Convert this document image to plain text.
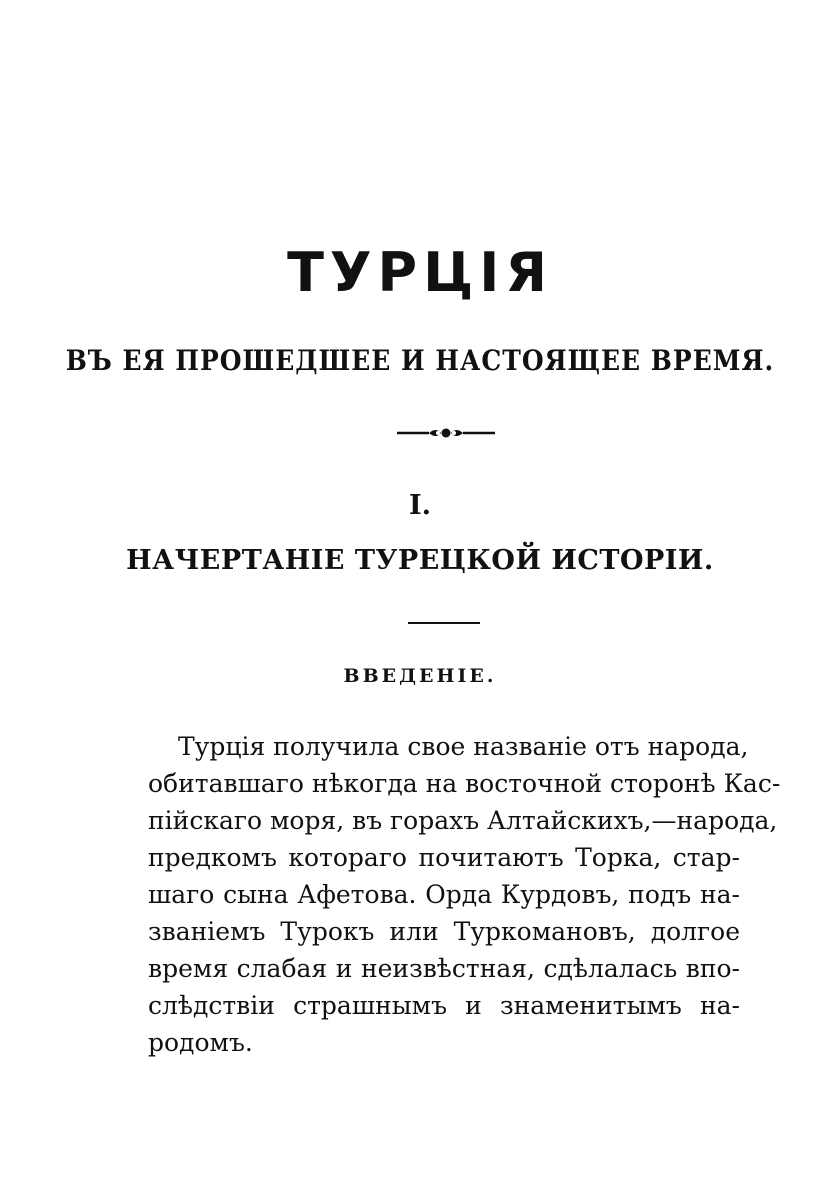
ТУРЦІЯ
ВЪ ЕЯ ПРОШЕДШЕЕ И НАСТОЯЩЕЕ ВРЕМЯ.
I.
НАЧЕРТАНІЕ ТУРЕЦКОЙ ИСТОРІИ.
ВВЕДЕНІЕ.
Турція получила свое названіе отъ народа,
обитавшаго нѣкогда на восточной сторонѣ Кас-
пійскаго моря, въ горахъ Алтайскихъ,—народа,
предкомъ котораго почитаютъ Торка, стар-
шаго сына Афетова. Орда Курдовъ, подъ на-
званіемъ Турокъ или Туркомановъ, долгое
время слабая и неизвѣстная, сдѣлалась впо-
слѣдствіи страшнымъ и знаменитымъ на-
родомъ.
